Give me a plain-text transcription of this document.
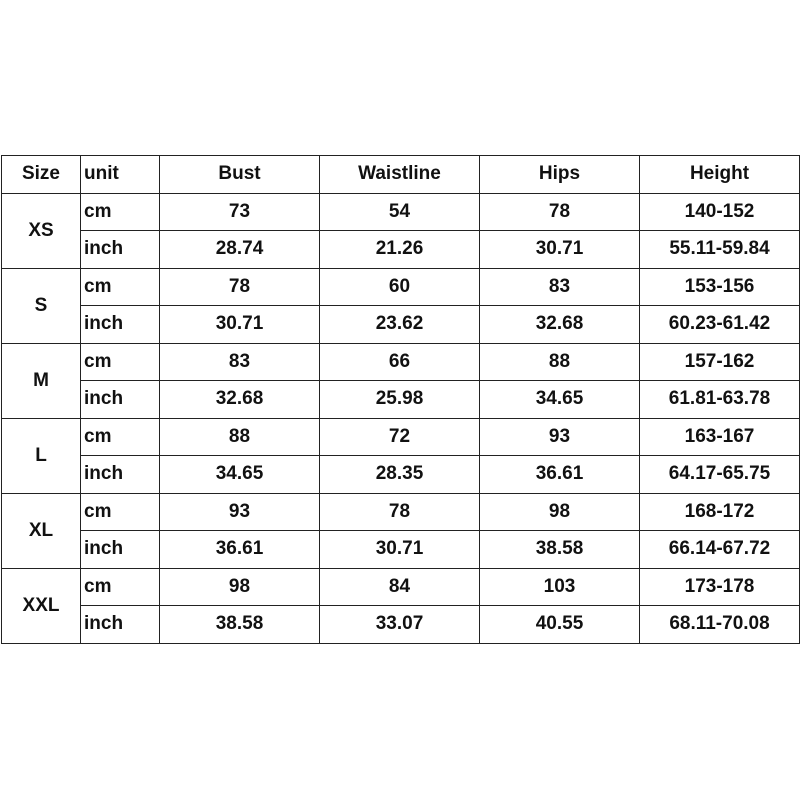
Size	unit	Bust	Waistline	Hips	Height
XS	cm	73	54	78	140-152
	inch	28.74	21.26	30.71	55.11-59.84
S	cm	78	60	83	153-156
	inch	30.71	23.62	32.68	60.23-61.42
M	cm	83	66	88	157-162
	inch	32.68	25.98	34.65	61.81-63.78
L	cm	88	72	93	163-167
	inch	34.65	28.35	36.61	64.17-65.75
XL	cm	93	78	98	168-172
	inch	36.61	30.71	38.58	66.14-67.72
XXL	cm	98	84	103	173-178
	inch	38.58	33.07	40.55	68.11-70.08
